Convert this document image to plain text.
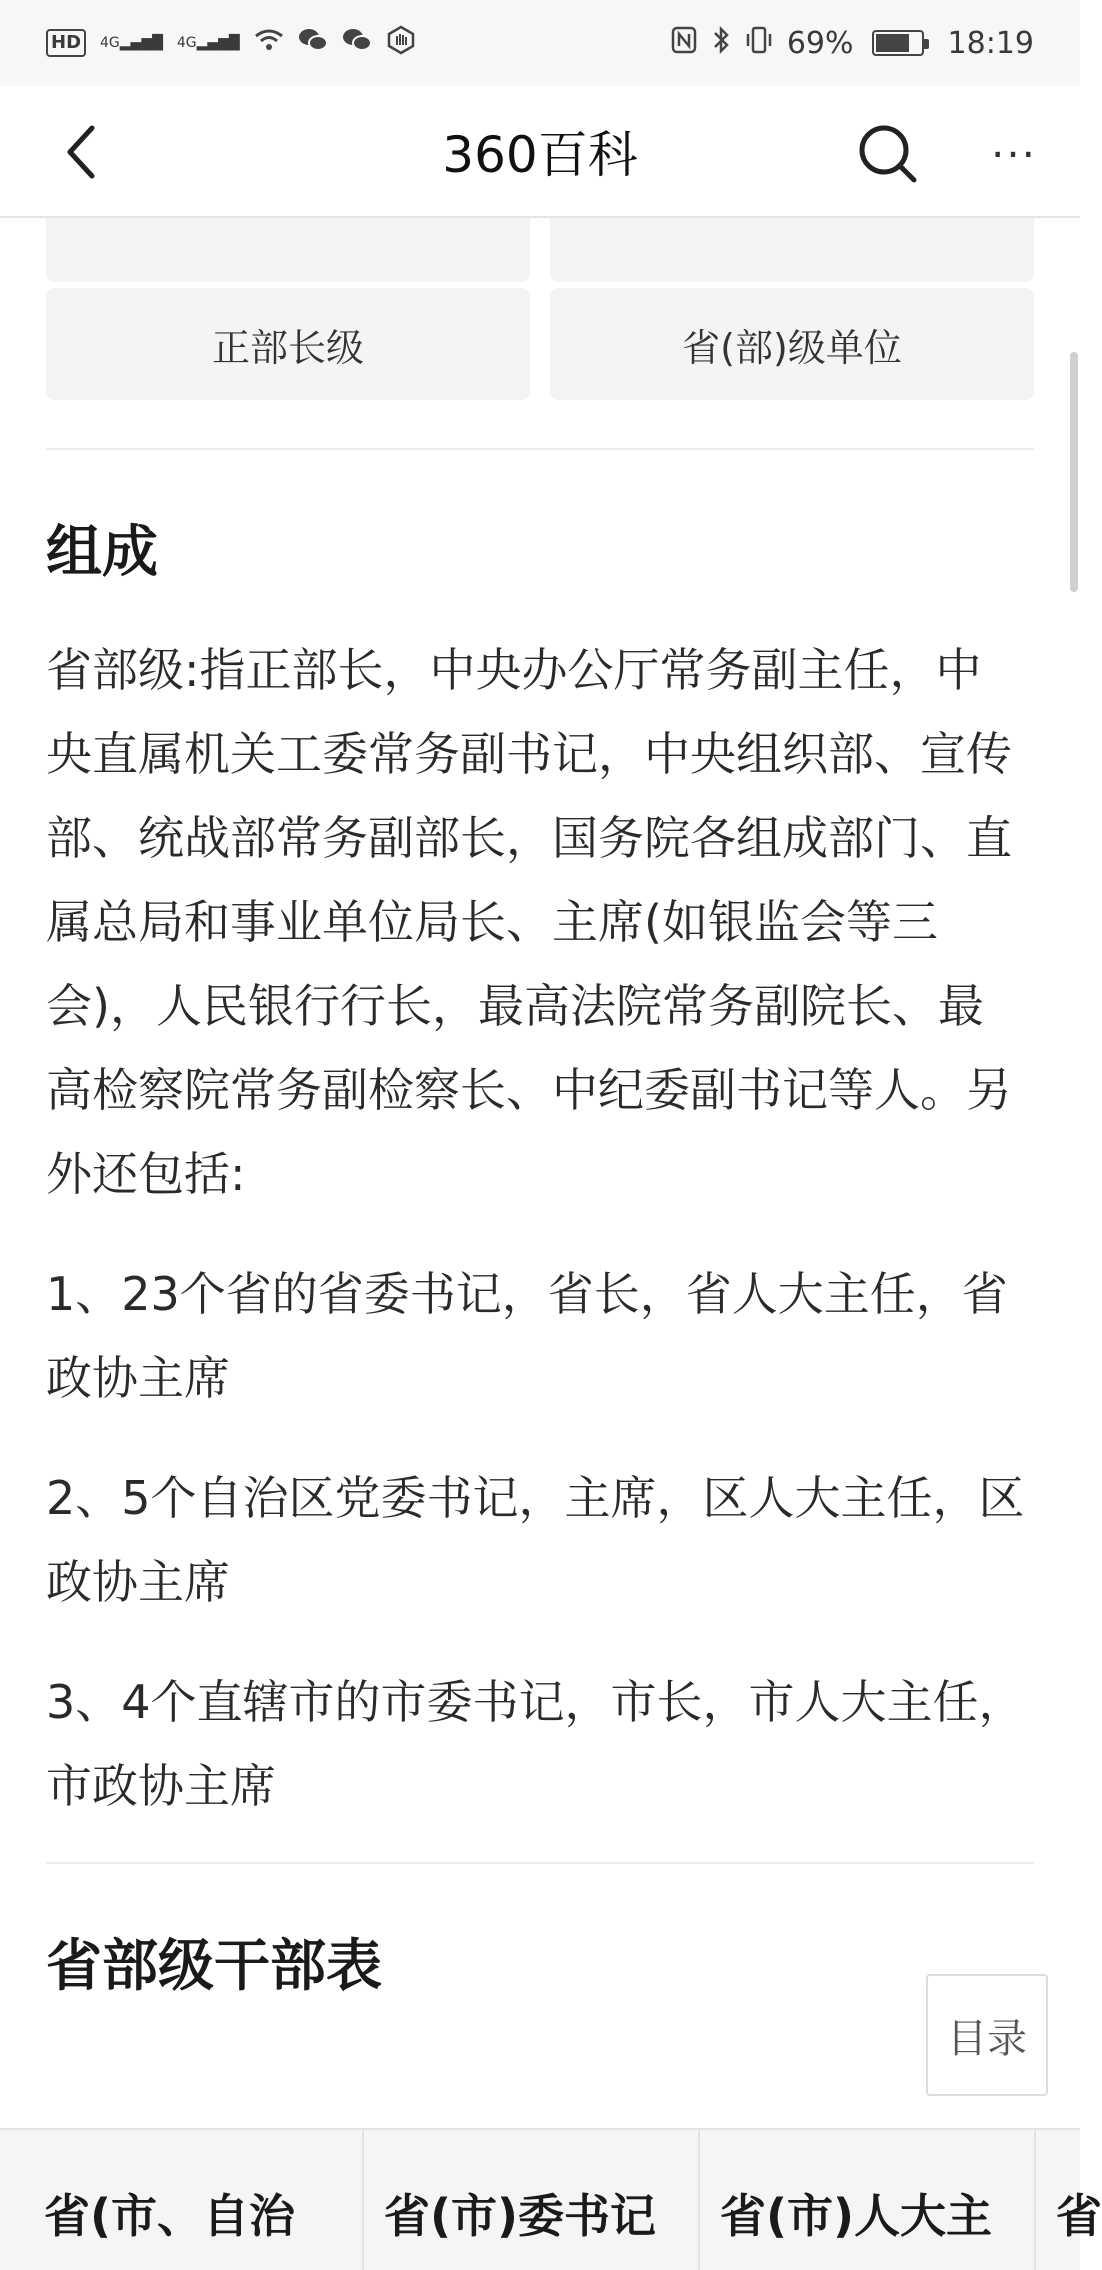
HD	4G▂▄▆█ 4G▂▄▆█	69%	18:19
360百科	···
正部长级	省(部)级单位
组成
省部级:指正部长，中央办公厅常务副主任，中央直属机关工委常务副书记，中央组织部、宣传部、统战部常务副部长，国务院各组成部门、直属总局和事业单位局长、主席(如银监会等三会)，人民银行行长，最高法院常务副院长、最高检察院常务副检察长、中纪委副书记等人。另外还包括:
1、23个省的省委书记，省长，省人大主任，省政协主席
2、5个自治区党委书记，主席，区人大主任，区政协主席
3、4个直辖市的市委书记，市长，市人大主任，市政协主席
省部级干部表
目录
省(市、自治	省(市)委书记	省(市)人大主	省
